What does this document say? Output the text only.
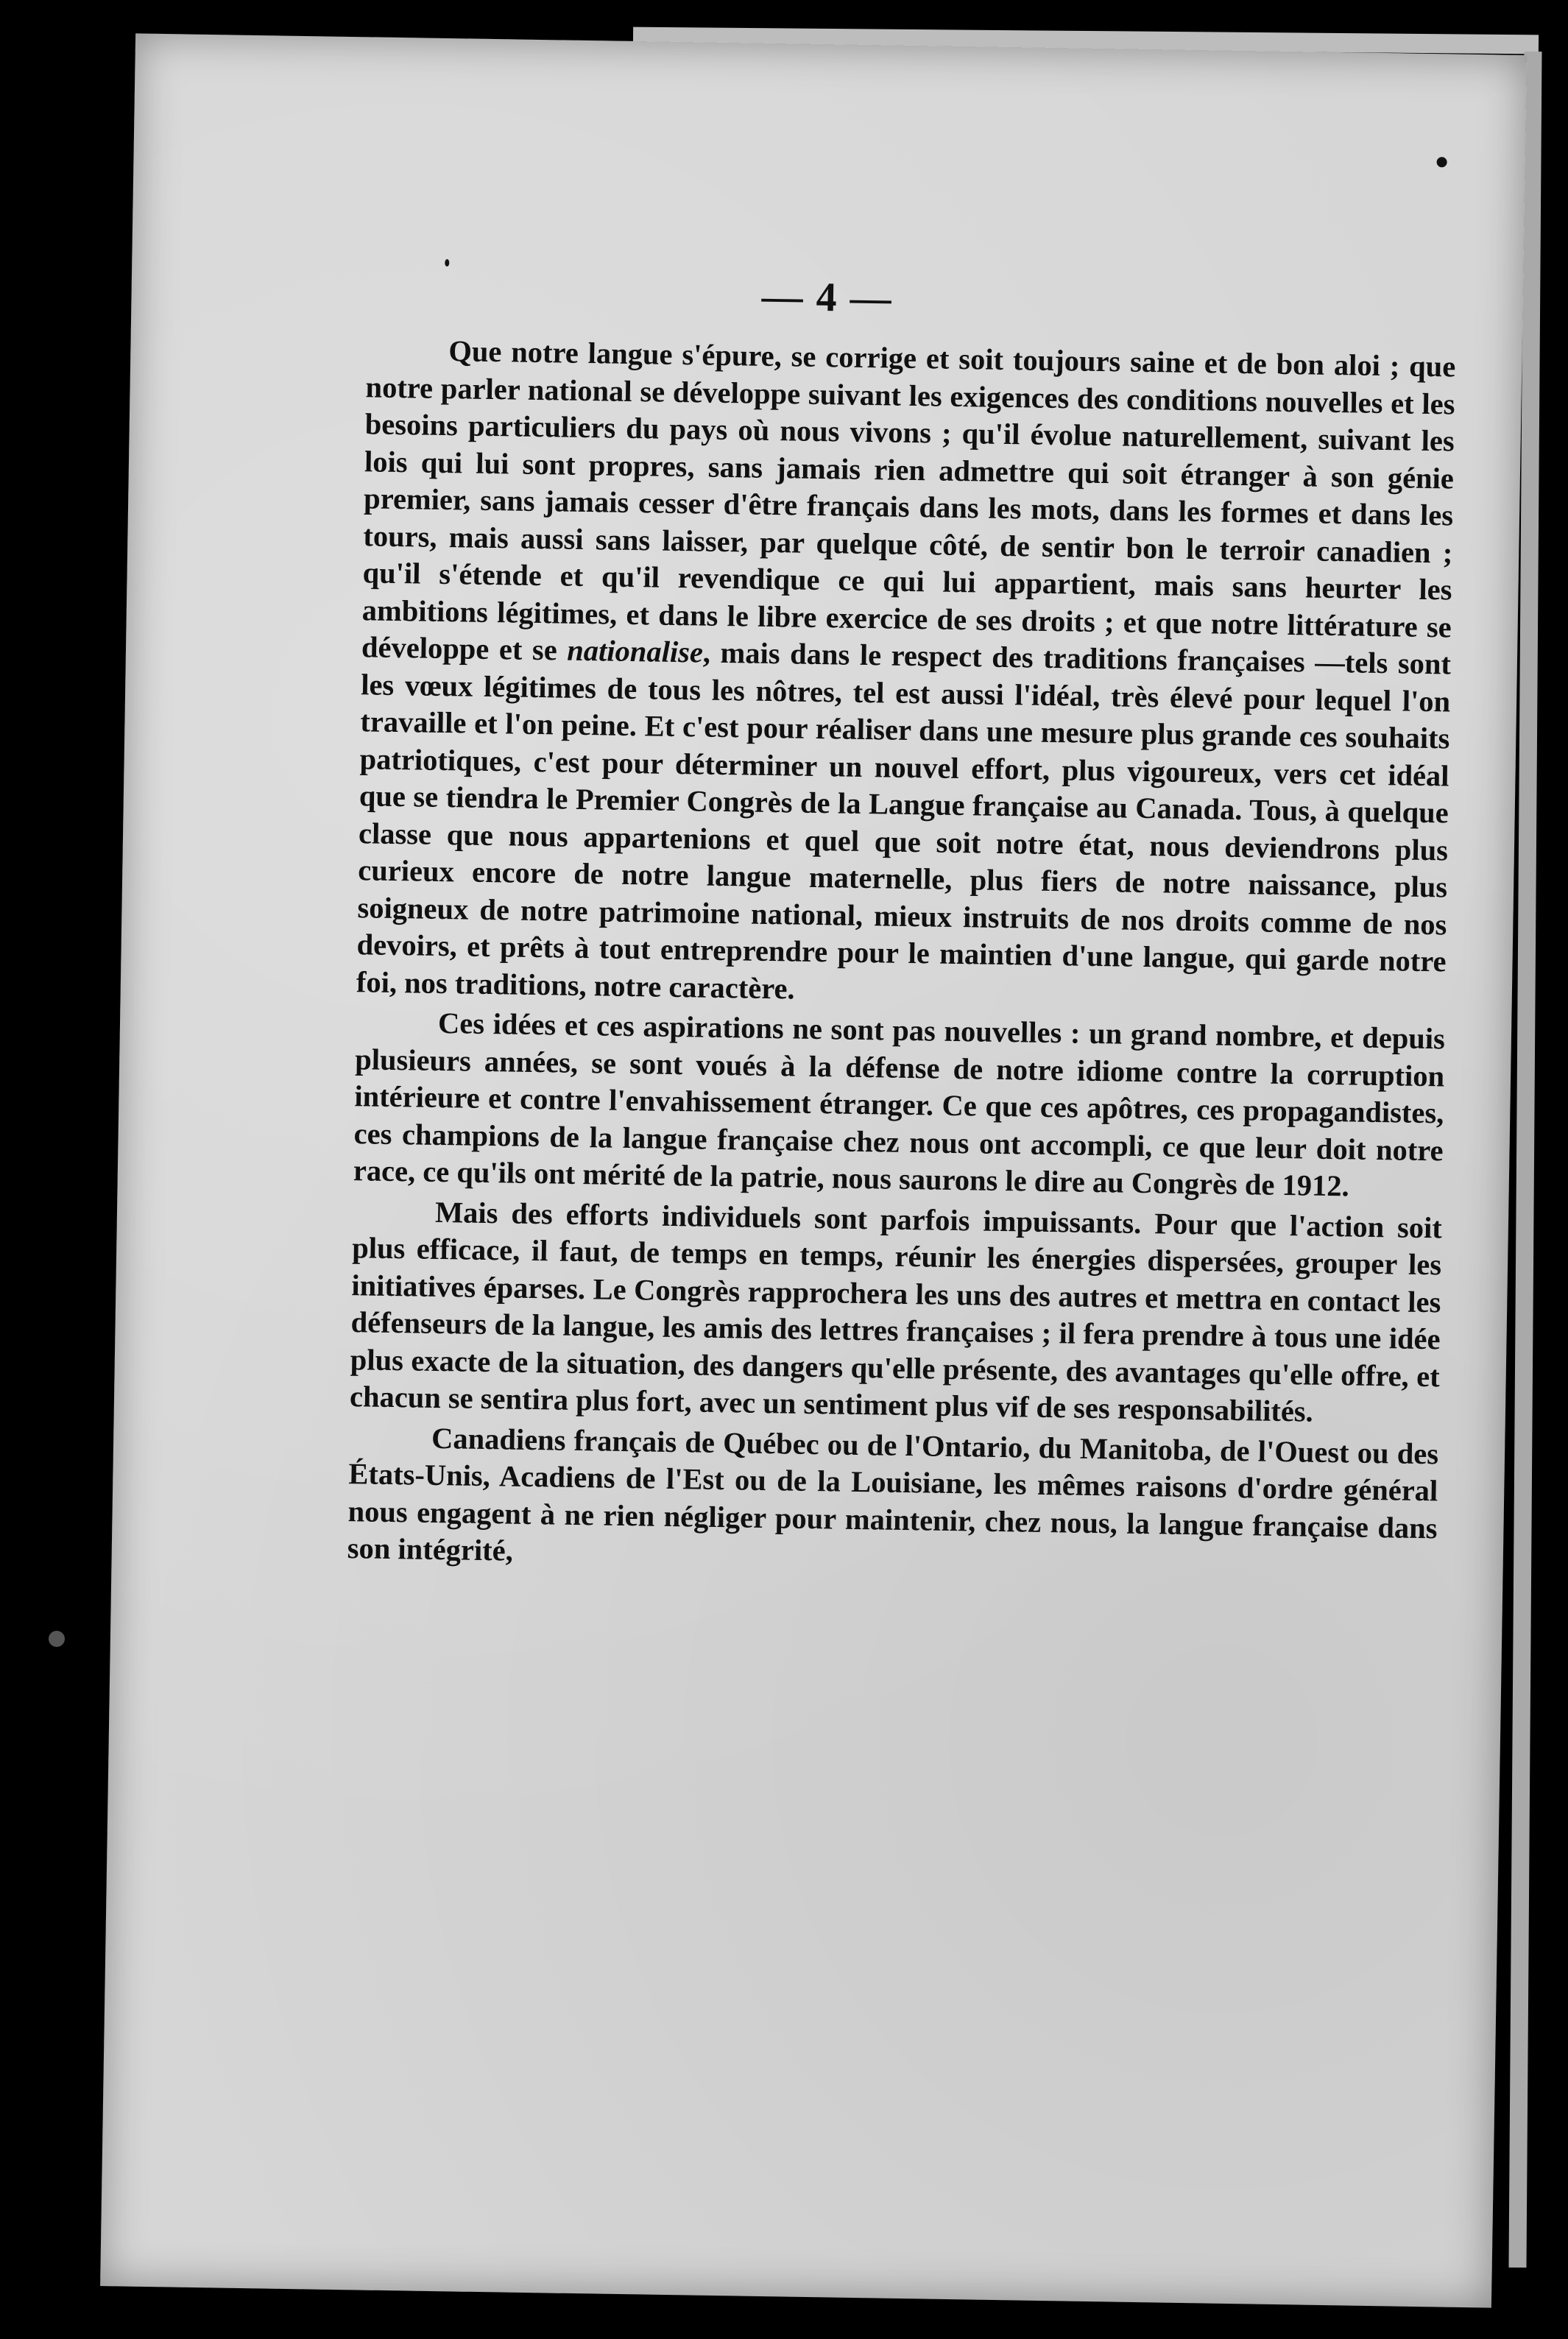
— 4 —

Que notre langue s'épure, se corrige et soit toujours saine et de bon aloi ; que notre parler national se développe suivant les exigences des conditions nouvelles et les besoins particuliers du pays où nous vivons ; qu'il évolue naturellement, suivant les lois qui lui sont propres, sans jamais rien admettre qui soit étranger à son génie premier, sans jamais cesser d'être français dans les mots, dans les formes et dans les tours, mais aussi sans laisser, par quelque côté, de sentir bon le terroir canadien ; qu'il s'étende et qu'il revendique ce qui lui appartient, mais sans heurter les ambitions légitimes, et dans le libre exercice de ses droits ; et que notre littérature se développe et se nationalise, mais dans le respect des traditions françaises —tels sont les vœux légitimes de tous les nôtres, tel est aussi l'idéal, très élevé pour lequel l'on travaille et l'on peine. Et c'est pour réaliser dans une mesure plus grande ces souhaits patriotiques, c'est pour déterminer un nouvel effort, plus vigoureux, vers cet idéal que se tiendra le Premier Congrès de la Langue française au Canada. Tous, à quelque classe que nous appartenions et quel que soit notre état, nous deviendrons plus curieux encore de notre langue maternelle, plus fiers de notre naissance, plus soigneux de notre patrimoine national, mieux instruits de nos droits comme de nos devoirs, et prêts à tout entreprendre pour le maintien d'une langue, qui garde notre foi, nos traditions, notre caractère.

Ces idées et ces aspirations ne sont pas nouvelles : un grand nombre, et depuis plusieurs années, se sont voués à la défense de notre idiome contre la corruption intérieure et contre l'envahissement étranger. Ce que ces apôtres, ces propagandistes, ces champions de la langue française chez nous ont accompli, ce que leur doit notre race, ce qu'ils ont mérité de la patrie, nous saurons le dire au Congrès de 1912.

Mais des efforts individuels sont parfois impuissants. Pour que l'action soit plus efficace, il faut, de temps en temps, réunir les énergies dispersées, grouper les initiatives éparses. Le Congrès rapprochera les uns des autres et mettra en contact les défenseurs de la langue, les amis des lettres françaises ; il fera prendre à tous une idée plus exacte de la situation, des dangers qu'elle présente, des avantages qu'elle offre, et chacun se sentira plus fort, avec un sentiment plus vif de ses responsabilités.

Canadiens français de Québec ou de l'Ontario, du Manitoba, de l'Ouest ou des États-Unis, Acadiens de l'Est ou de la Louisiane, les mêmes raisons d'ordre général nous engagent à ne rien négliger pour maintenir, chez nous, la langue française dans son intégrité,
